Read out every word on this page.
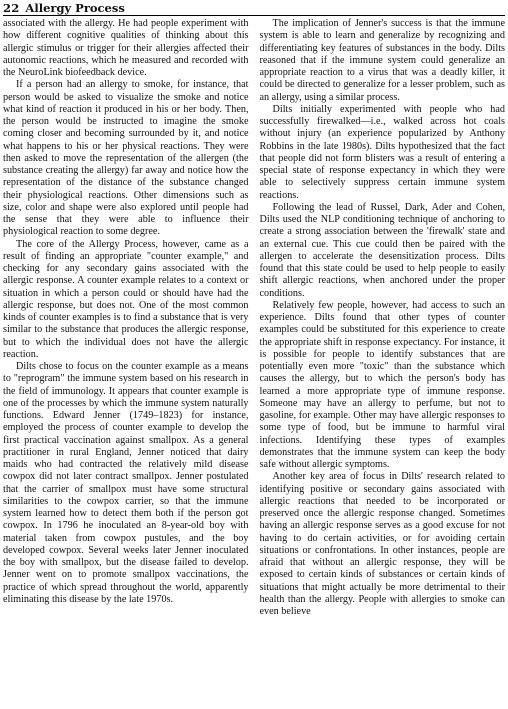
22 Allergy Process

associated with the allergy. He had people experiment with how different cognitive qualities of thinking about this allergic stimulus or trigger for their allergies affected their autonomic reactions, which he measured and recorded with the NeuroLink biofeedback device.

If a person had an allergy to smoke, for instance, that person would be asked to visualize the smoke and notice what kind of reaction it produced in his or her body. Then, the person would be instructed to imagine the smoke coming closer and becoming surrounded by it, and notice what happens to his or her physical reactions. They were then asked to move the representation of the allergen (the substance creating the allergy) far away and notice how the representation of the distance of the substance changed their physiological reactions. Other dimensions such as size, color and shape were also explored until people had the sense that they were able to influence their physiological reaction to some degree.

The core of the Allergy Process, however, came as a result of finding an appropriate "counter example," and checking for any secondary gains associated with the allergic response. A counter example relates to a context or situation in which a person could or should have had the allergic response, but does not. One of the most common kinds of counter examples is to find a substance that is very similar to the substance that produces the allergic response, but to which the individual does not have the allergic reaction.

Dilts chose to focus on the counter example as a means to "reprogram" the immune system based on his research in the field of immunology. It appears that counter example is one of the processes by which the immune system naturally functions. Edward Jenner (1749–1823) for instance, employed the process of counter example to develop the first practical vaccination against smallpox. As a general practitioner in rural England, Jenner noticed that dairy maids who had contracted the relatively mild disease cowpox did not later contract smallpox. Jenner postulated that the carrier of smallpox must have some structural similarities to the cowpox carrier, so that the immune system learned how to detect them both if the person got cowpox. In 1796 he inoculated an 8-year-old boy with material taken from cowpox pustules, and the boy developed cowpox. Several weeks later Jenner inoculated the boy with smallpox, but the disease failed to develop. Jenner went on to promote smallpox vaccinations, the practice of which spread throughout the world, apparently eliminating this disease by the late 1970s.

The implication of Jenner's success is that the immune system is able to learn and generalize by recognizing and differentiating key features of substances in the body. Dilts reasoned that if the immune system could generalize an appropriate reaction to a virus that was a deadly killer, it could be directed to generalize for a lesser problem, such as an allergy, using a similar process.

Dilts initially experimented with people who had successfully firewalked—i.e., walked across hot coals without injury (an experience popularized by Anthony Robbins in the late 1980s). Dilts hypothesized that the fact that people did not form blisters was a result of entering a special state of response expectancy in which they were able to selectively suppress certain immune system reactions.

Following the lead of Russel, Dark, Ader and Cohen, Dilts used the NLP conditioning technique of anchoring to create a strong association between the 'firewalk' state and an external cue. This cue could then be paired with the allergen to accelerate the desensitization process. Dilts found that this state could be used to help people to easily shift allergic reactions, when anchored under the proper conditions.

Relatively few people, however, had access to such an experience. Dilts found that other types of counter examples could be substituted for this experience to create the appropriate shift in response expectancy. For instance, it is possible for people to identify substances that are potentially even more "toxic" than the substance which causes the allergy, but to which the person's body has learned a more appropriate type of immune response. Someone may have an allergy to perfume, but not to gasoline, for example. Other may have allergic responses to some type of food, but be immune to harmful viral infections. Identifying these types of examples demonstrates that the immune system can keep the body safe without allergic symptoms.

Another key area of focus in Dilts' research related to identifying positive or secondary gains associated with allergic reactions that needed to be incorporated or preserved once the allergic response changed. Sometimes having an allergic response serves as a good excuse for not having to do certain activities, or for avoiding certain situations or confrontations. In other instances, people are afraid that without an allergic response, they will be exposed to certain kinds of substances or certain kinds of situations that might actually be more detrimental to their health than the allergy. People with allergies to smoke can even believe
